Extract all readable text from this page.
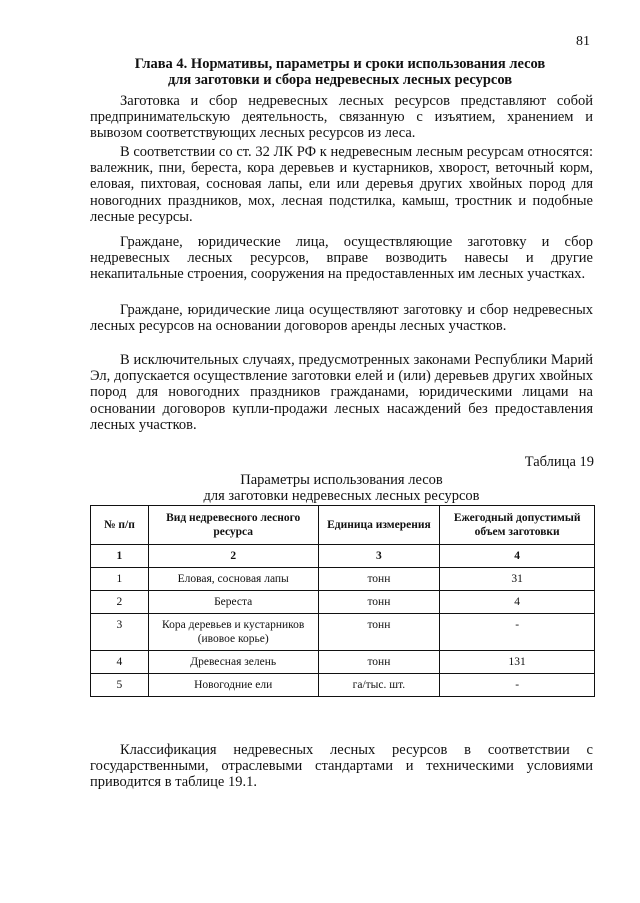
81
Глава 4. Нормативы, параметры и сроки использования лесов
для заготовки и сбора недревесных лесных ресурсов

Заготовка и сбор недревесных лесных ресурсов представляют собой предпринимательскую деятельность, связанную с изъятием, хранением и вывозом соответствующих лесных ресурсов из леса.

В соответствии со ст. 32 ЛК РФ к недревесным лесным ресурсам относятся: валежник, пни, береста, кора деревьев и кустарников, хворост, веточный корм, еловая, пихтовая, сосновая лапы, ели или деревья других хвойных пород для новогодних праздников, мох, лесная подстилка, камыш, тростник и подобные лесные ресурсы.

Граждане, юридические лица, осуществляющие заготовку и сбор недревесных лесных ресурсов, вправе возводить навесы и другие некапитальные строения, сооружения на предоставленных им лесных участках.

Граждане, юридические лица осуществляют заготовку и сбор недревесных лесных ресурсов на основании договоров аренды лесных участков.

В исключительных случаях, предусмотренных законами Республики Марий Эл, допускается осуществление заготовки елей и (или) деревьев других хвойных пород для новогодних праздников гражданами, юридическими лицами на основании договоров купли-продажи лесных насаждений без предоставления лесных участков.

Таблица 19
Параметры использования лесов
для заготовки недревесных лесных ресурсов
№ п/п	Вид недревесного лесного ресурса	Единица измерения	Ежегодный допустимый объем заготовки
1	2	3	4
1	Еловая, сосновая лапы	тонн	31
2	Береста	тонн	4
3	Кора деревьев и кустарников (ивовое корье)	тонн	-
4	Древесная зелень	тонн	131
5	Новогодние ели	га/тыс. шт.	-

Классификация недревесных лесных ресурсов в соответствии с государственными, отраслевыми стандартами и техническими условиями приводится в таблице 19.1.
